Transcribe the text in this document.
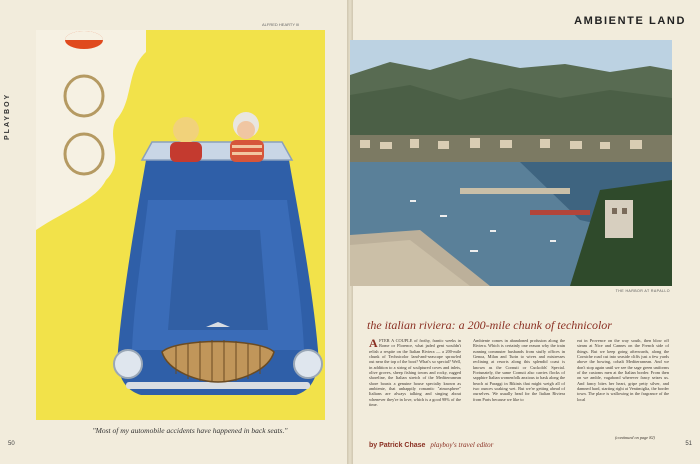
PLAYBOY
ALFRED HEARTY III
"Most of my automobile accidents have happened in back seats."
50
AMBIENTE LAND
THE HARBOR AT RAPALLO
the italian riviera: a 200-mile chunk of technicolor
A FTER A COUPLE of frothy, frantic weeks in Rome or Florence, what jaded gent wouldn't relish a respite on the Italian Riviera — a 200-mile chunk of Technicolor land-and-seascape sprawled out near the top of the boot? What's so special? Well, in addition to a string of sculptured coves and inlets, olive groves, sheep fishing towns and rocky, rugged shoreline, the Italian stretch of the Mediterranean shore boasts a genuine house specialty known as ambiente, that unhappily romantic "atmosphere" Italians are always talking and singing about whenever they're in love, which is a good 98% of the time.
Ambiente comes in abandoned profusion along the Riviera. Which is certainly one reason why the train running commuter husbands from stuffy offices in Genoa, Milan and Turin to wives and mistresses reclining at resorts along this splendid coast is known as the Cornuti or Cuckolds' Special. Fortunately, the same Cornuti also carries flocks of sapphire Italian womenfolk anxious to bask along the beach at Paraggi in Bikinis that might weigh all of two ounces soaking wet. But we're getting ahead of ourselves. We usually head for the Italian Riviera from Paris because we like to
eat in Provence on the way south, then blow off steam at Nice and Cannes on the French side of things. But we keep going afterwards, along the Corniche road cut into seaside cliffs just a few yards above the bowing, cobalt Mediterranean. And we don't stop again until we see the sage green uniforms of the customs men at the Italian border. From then on we amble, vagabond wherever fancy seizes us. And fancy bites her heart, gripe petty silver, and damned hard, starting right at Ventimiglia, the border town. The place is wallowing in the fragrance of the local
(continued on page 82)
by Patrick Chase playboy's travel editor	51
